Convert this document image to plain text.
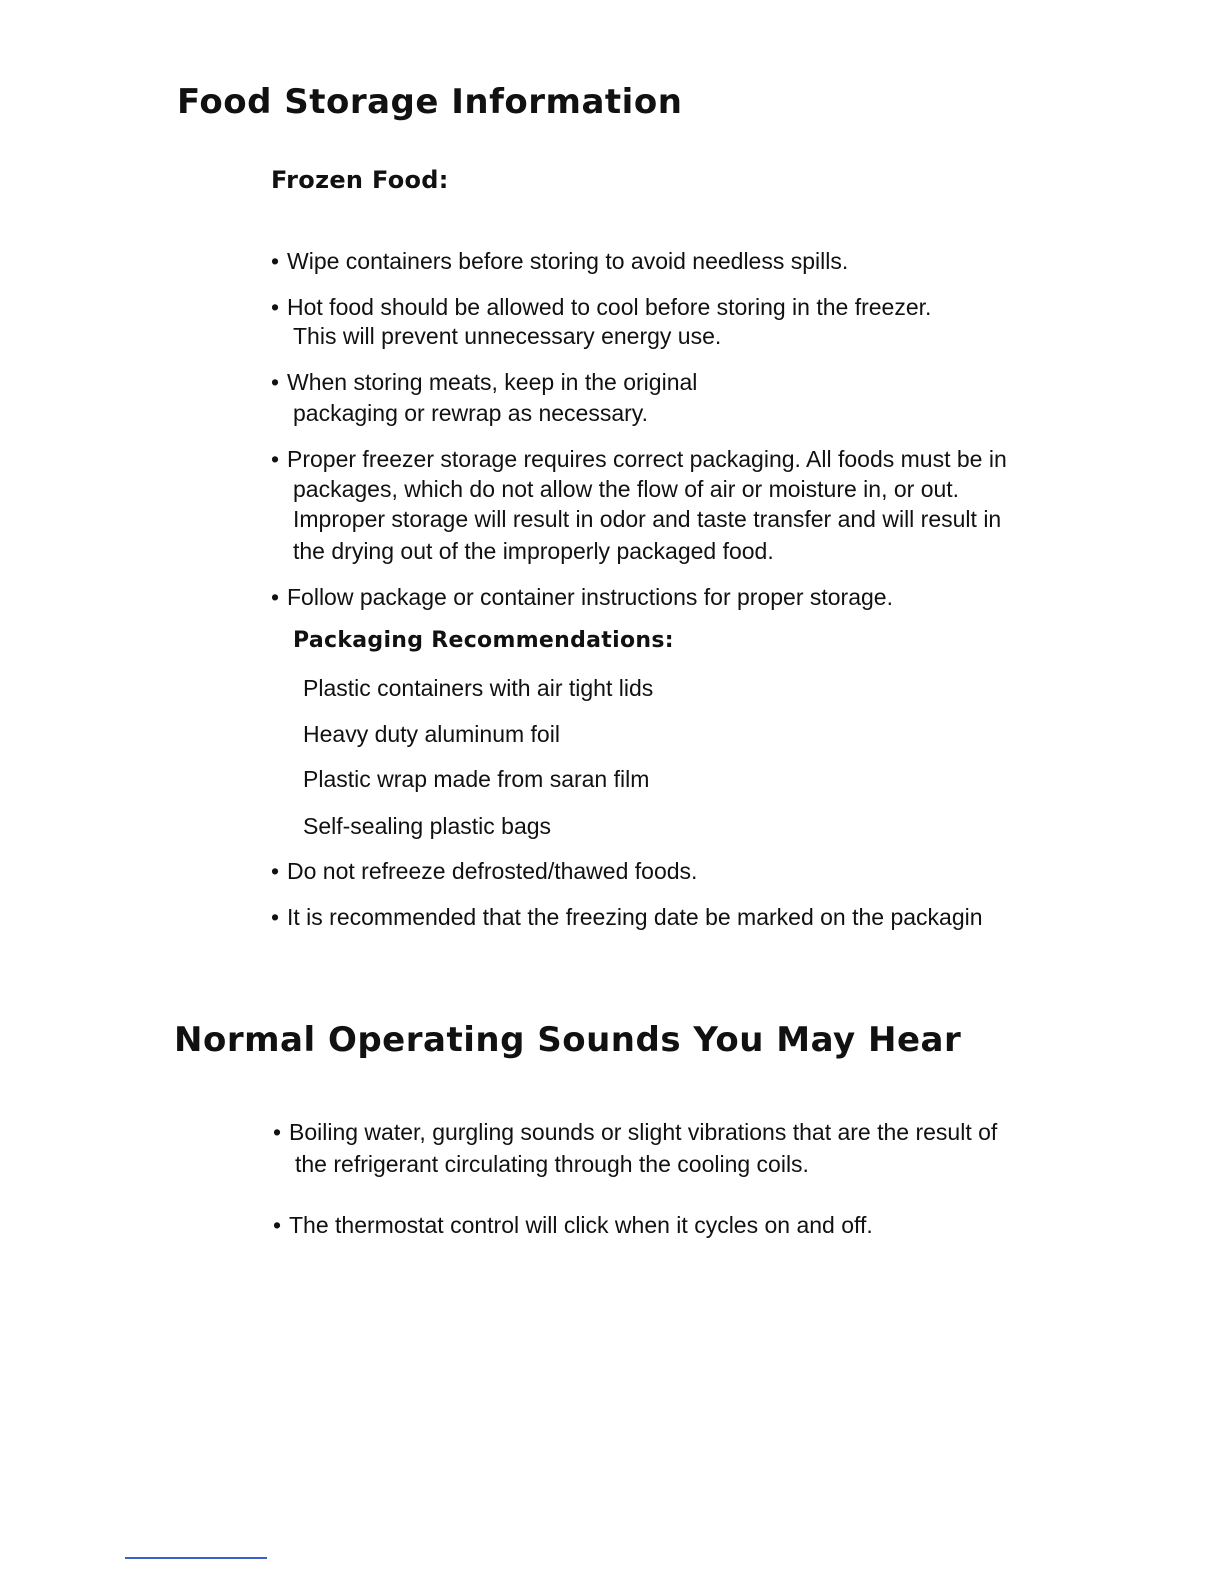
Food Storage Information
Frozen Food:
• Wipe containers before storing to avoid needless spills.
• Hot food should be allowed to cool before storing in the freezer.
This will prevent unnecessary energy use.
• When storing meats, keep in the original
packaging or rewrap as necessary.
• Proper freezer storage requires correct packaging. All foods must be in
packages, which do not allow the flow of air or moisture in, or out.
Improper storage will result in odor and taste transfer and will result in
the drying out of the improperly packaged food.
• Follow package or container instructions for proper storage.
Packaging Recommendations:
Plastic containers with air tight lids
Heavy duty aluminum foil
Plastic wrap made from saran film
Self-sealing plastic bags
• Do not refreeze defrosted/thawed foods.
• It is recommended that the freezing date be marked on the packagin
Normal Operating Sounds You May Hear
• Boiling water, gurgling sounds or slight vibrations that are the result of
the refrigerant circulating through the cooling coils.
• The thermostat control will click when it cycles on and off.
